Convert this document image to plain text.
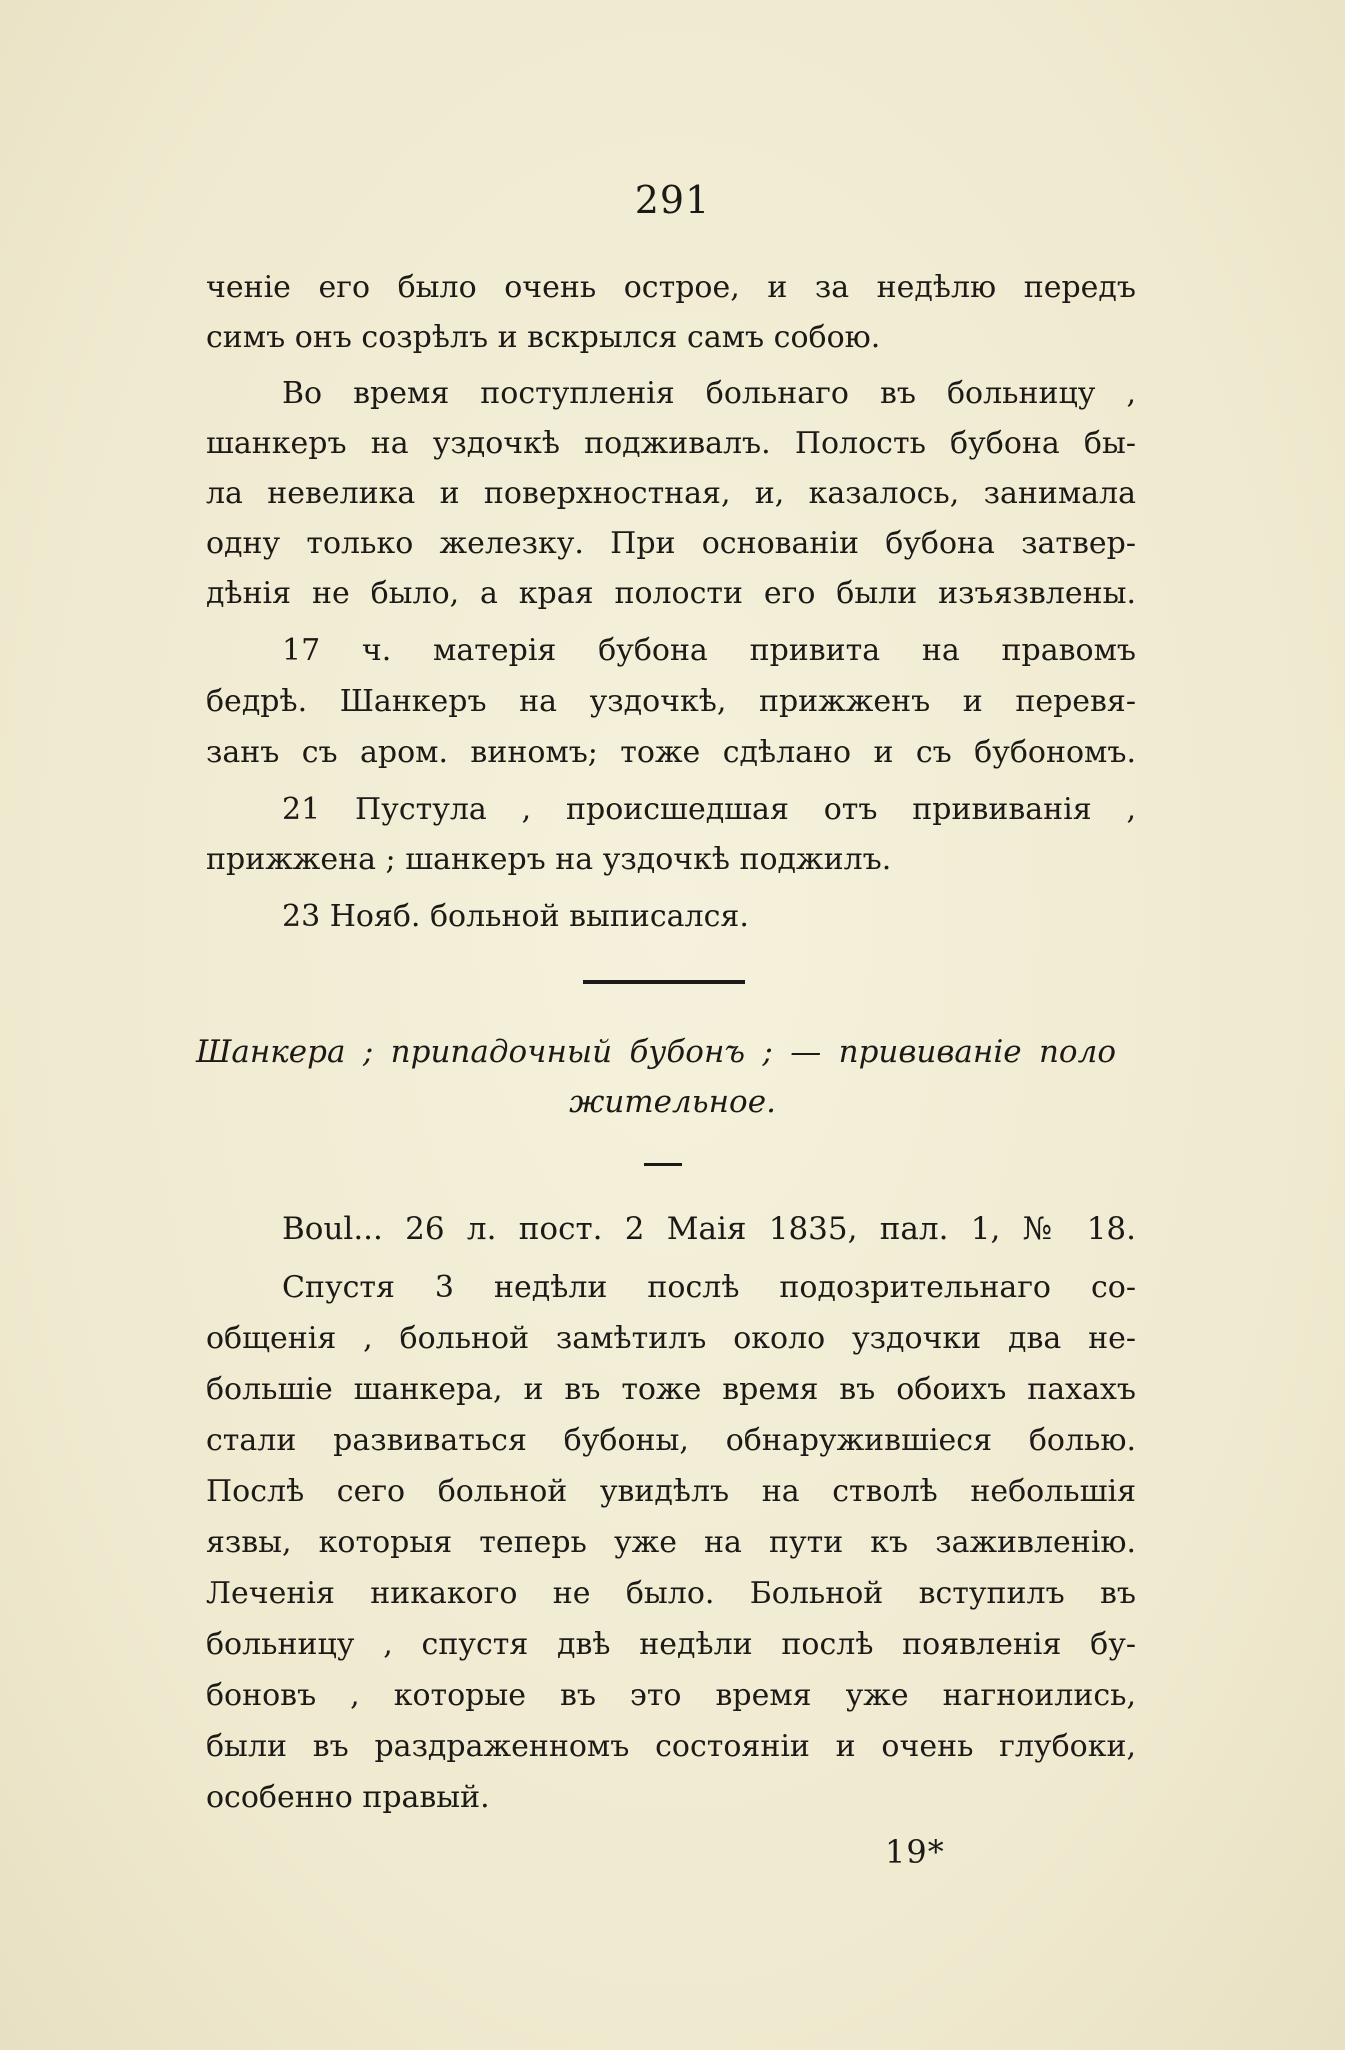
291
ченіе его было очень острое, и за недѣлю передъ
симъ онъ созрѣлъ и вскрылся самъ собою.
Во время поступленія больнаго въ больницу ,
шанкеръ на уздочкѣ подживалъ. Полость бубона бы-
ла невелика и поверхностная, и, казалось, занимала
одну только железку. При основаніи бубона затвер-
дѣнія не было, а края полости его были изъязвлены.
17 ч. матерія бубона привита на правомъ
бедрѣ. Шанкеръ на уздочкѣ, прижженъ и перевя-
занъ съ аром. виномъ; тоже сдѣлано и съ бубономъ.
21 Пустула , происшедшая отъ прививанія ,
прижжена ; шанкеръ на уздочкѣ поджилъ.
23 Нояб. больной выписался.
Шанкера ; припадочный бубонъ ; — прививаніе поло
жительное.
Boul... 26 л. пост. 2 Маія 1835, пал. 1, № 18.
Спустя 3 недѣли послѣ подозрительнаго со-
общенія , больной замѣтилъ около уздочки два не-
большіе шанкера, и въ тоже время въ обоихъ пахахъ
стали развиваться бубоны, обнаружившіеся болью.
Послѣ сего больной увидѣлъ на стволѣ небольшія
язвы, которыя теперь уже на пути къ заживленію.
Леченія никакого не было. Больной вступилъ въ
больницу , спустя двѣ недѣли послѣ появленія бу-
боновъ , которые въ это время уже нагноились,
были въ раздраженномъ состояніи и очень глубоки,
особенно правый.
19*
